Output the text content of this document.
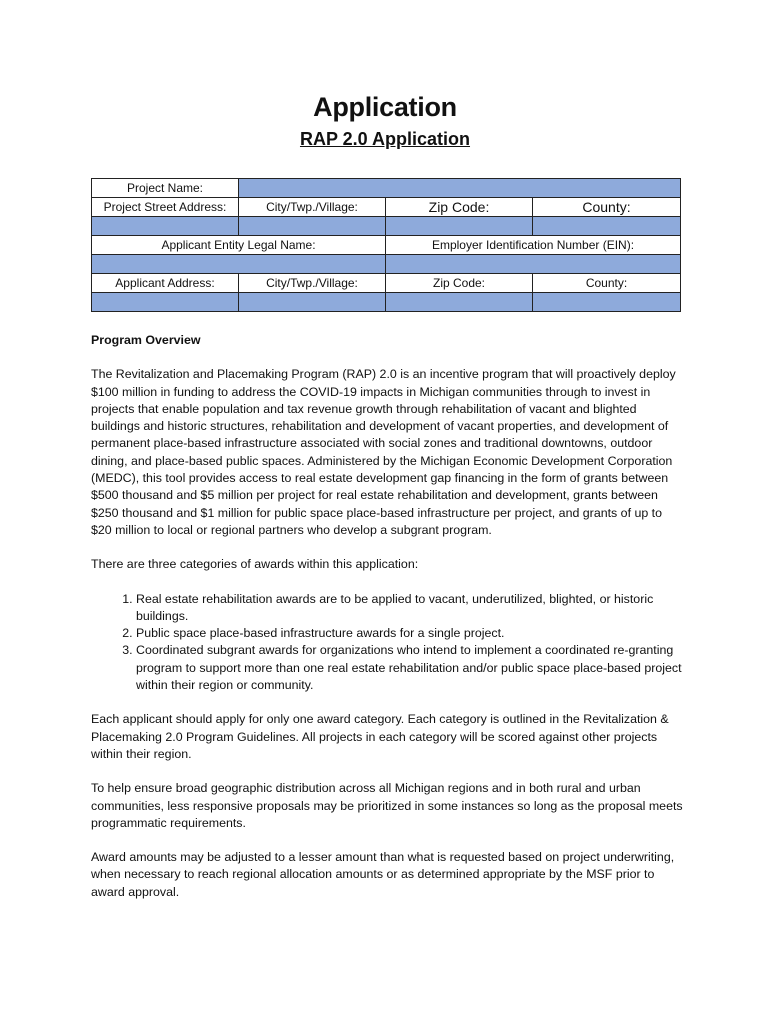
Application
RAP 2.0 Application
Project Name:			
Project Street Address:	City/Twp./Village:	Zip Code:	County:

Applicant Entity Legal Name:		Employer Identification Number (EIN):	

Applicant Address:	City/Twp./Village:	Zip Code:	County:

Program Overview

The Revitalization and Placemaking Program (RAP) 2.0 is an incentive program that will proactively deploy $100 million in funding to address the COVID-19 impacts in Michigan communities through to invest in projects that enable population and tax revenue growth through rehabilitation of vacant and blighted buildings and historic structures, rehabilitation and development of vacant properties, and development of permanent place-based infrastructure associated with social zones and traditional downtowns, outdoor dining, and place-based public spaces. Administered by the Michigan Economic Development Corporation (MEDC), this tool provides access to real estate development gap financing in the form of grants between $500 thousand and $5 million per project for real estate rehabilitation and development, grants between $250 thousand and $1 million for public space place-based infrastructure per project, and grants of up to $20 million to local or regional partners who develop a subgrant program.

There are three categories of awards within this application:

1. Real estate rehabilitation awards are to be applied to vacant, underutilized, blighted, or historic buildings.
2. Public space place-based infrastructure awards for a single project.
3. Coordinated subgrant awards for organizations who intend to implement a coordinated re-granting program to support more than one real estate rehabilitation and/or public space place-based project within their region or community.

Each applicant should apply for only one award category. Each category is outlined in the Revitalization & Placemaking 2.0 Program Guidelines. All projects in each category will be scored against other projects within their region.

To help ensure broad geographic distribution across all Michigan regions and in both rural and urban communities, less responsive proposals may be prioritized in some instances so long as the proposal meets programmatic requirements.

Award amounts may be adjusted to a lesser amount than what is requested based on project underwriting, when necessary to reach regional allocation amounts or as determined appropriate by the MSF prior to award approval.
